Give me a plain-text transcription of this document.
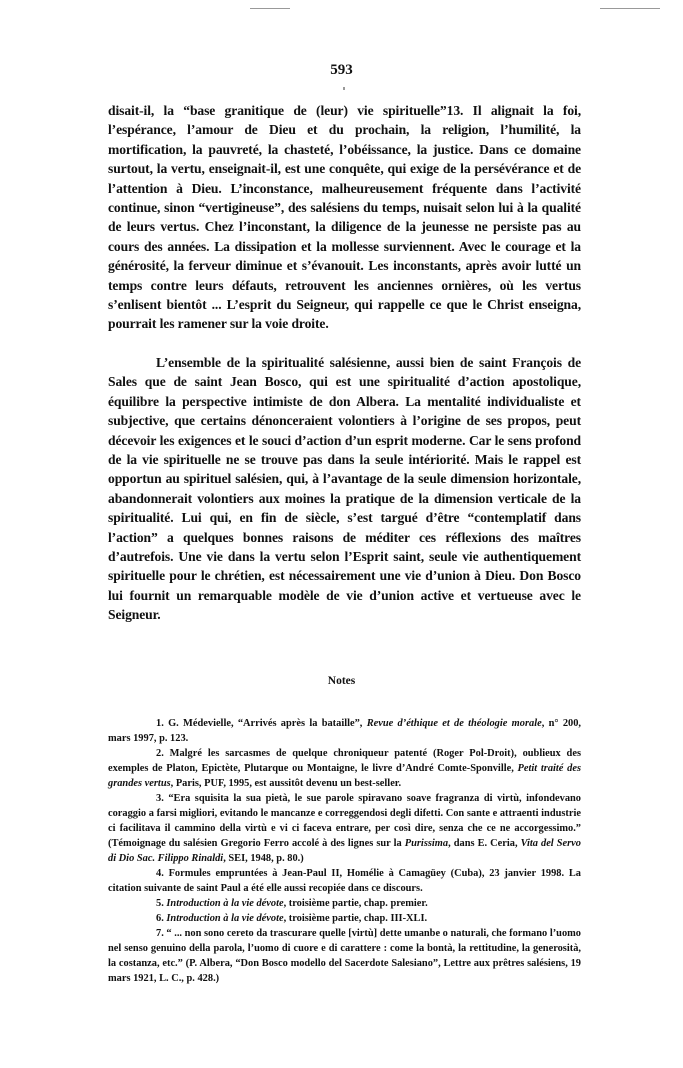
593

disait-il, la “base granitique de (leur) vie spirituelle”13. Il alignait la foi, l’espérance, l’amour de Dieu et du prochain, la religion, l’humilité, la mortification, la pauvreté, la chasteté, l’obéissance, la justice. Dans ce domaine surtout, la vertu, enseignait-il, est une conquête, qui exige de la persévérance et de l’attention à Dieu. L’inconstance, malheureusement fréquente dans l’activité continue, sinon “vertigineuse”, des salésiens du temps, nuisait selon lui à la qualité de leurs vertus. Chez l’inconstant, la diligence de la jeunesse ne persiste pas au cours des années. La dissipation et la mollesse surviennent. Avec le courage et la générosité, la ferveur diminue et s’évanouit. Les inconstants, après avoir lutté un temps contre leurs défauts, retrouvent les anciennes ornières, où les vertus s’enlisent bientôt ... L’esprit du Seigneur, qui rappelle ce que le Christ enseigna, pourrait les ramener sur la voie droite.

L’ensemble de la spiritualité salésienne, aussi bien de saint François de Sales que de saint Jean Bosco, qui est une spiritualité d’action apostolique, équilibre la perspective intimiste de don Albera. La mentalité individualiste et subjective, que certains dénonceraient volontiers à l’origine de ses propos, peut décevoir les exigences et le souci d’action d’un esprit moderne. Car le sens profond de la vie spirituelle ne se trouve pas dans la seule intériorité. Mais le rappel est opportun au spirituel salésien, qui, à l’avantage de la seule dimension horizontale, abandonnerait volontiers aux moines la pratique de la dimension verticale de la spiritualité. Lui qui, en fin de siècle, s’est targué d’être “contemplatif dans l’action” a quelques bonnes raisons de méditer ces réflexions des maîtres d’autrefois. Une vie dans la vertu selon l’Esprit saint, seule vie authentiquement spirituelle pour le chrétien, est nécessairement une vie d’union à Dieu. Don Bosco lui fournit un remarquable modèle de vie d’union active et vertueuse avec le Seigneur.

Notes

1. G. Médevielle, “Arrivés après la bataille”, Revue d’éthique et de théologie morale, n° 200, mars 1997, p. 123.

2. Malgré les sarcasmes de quelque chroniqueur patenté (Roger Pol-Droit), oublieux des exemples de Platon, Epictète, Plutarque ou Montaigne, le livre d’André Comte-Sponville, Petit traité des grandes vertus, Paris, PUF, 1995, est aussitôt devenu un best-seller.

3. “Era squisita la sua pietà, le sue parole spiravano soave fragranza di virtù, infondevano coraggio a farsi migliori, evitando le mancanze e correggendosi degli difetti. Con sante e attraenti industrie ci facilitava il cammino della virtù e vi ci faceva entrare, per così dire, senza che ce ne accorgessimo.” (Témoignage du salésien Gregorio Ferro accolé à des lignes sur la Purissima, dans E. Ceria, Vita del Servo di Dio Sac. Filippo Rinaldi, SEI, 1948, p. 80.)

4. Formules empruntées à Jean-Paul II, Homélie à Camagüey (Cuba), 23 janvier 1998. La citation suivante de saint Paul a été elle aussi recopiée dans ce discours.

5. Introduction à la vie dévote, troisième partie, chap. premier.

6. Introduction à la vie dévote, troisième partie, chap. III-XLI.

7. “ ... non sono cereto da trascurare quelle [virtù] dette umanbe o naturali, che formano l’uomo nel senso genuino della parola, l’uomo di cuore e di carattere : come la bontà, la rettitudine, la generosità, la costanza, etc.” (P. Albera, “Don Bosco modello del Sacerdote Salesiano”, Lettre aux prêtres salésiens, 19 mars 1921, L. C., p. 428.)
